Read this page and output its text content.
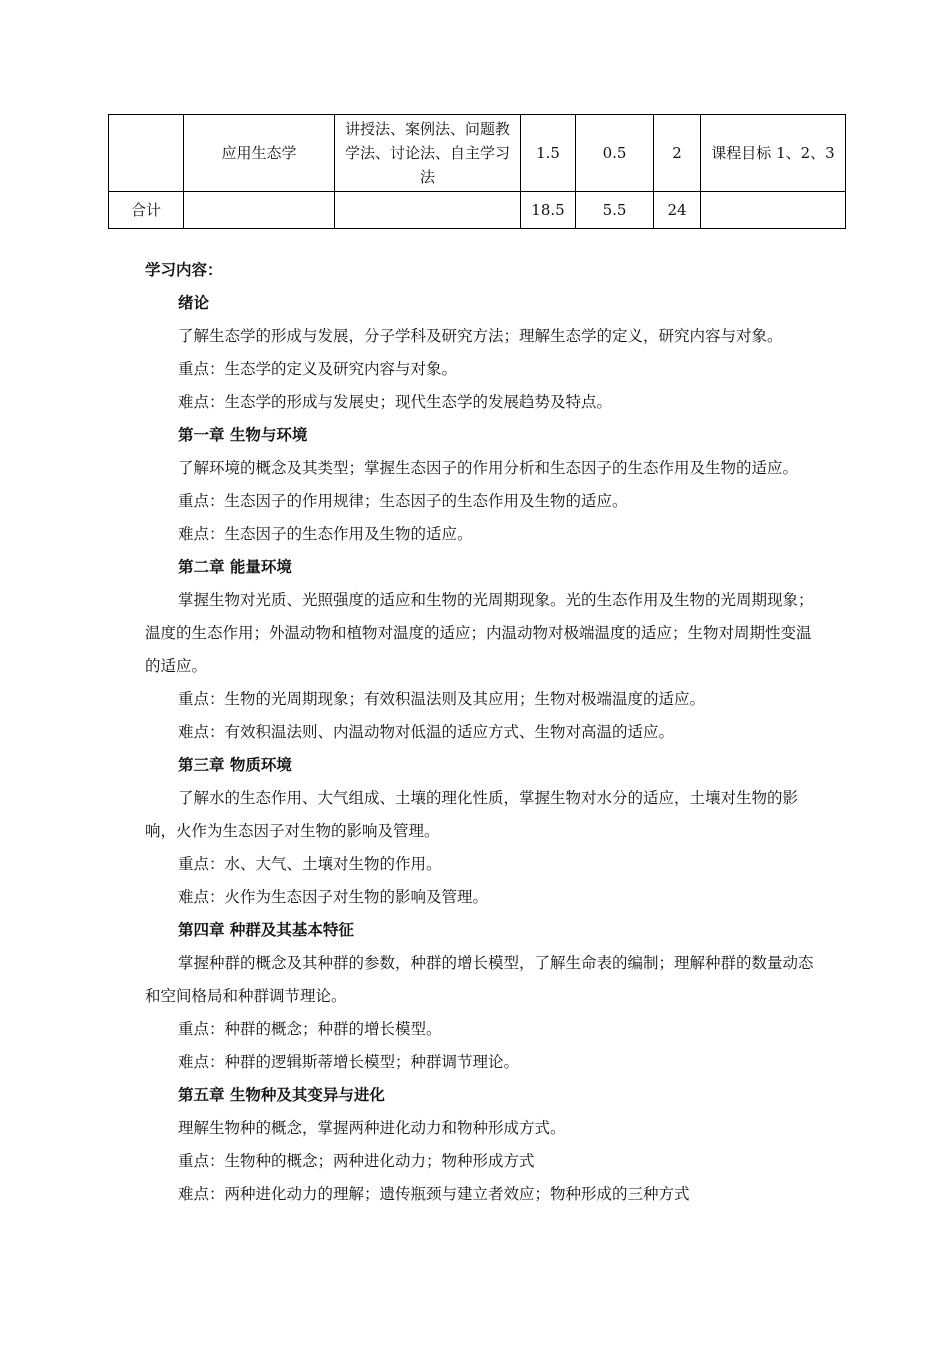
	应用生态学	讲授法、案例法、问题教学法、讨论法、自主学习法	1.5	0.5	2	课程目标 1、2、3
合计			18.5	5.5	24	
学习内容：
绪论

了解生态学的形成与发展，分子学科及研究方法；理解生态学的定义，研究内容与对象。

重点：生态学的定义及研究内容与对象。

难点：生态学的形成与发展史；现代生态学的发展趋势及特点。

第一章 生物与环境

了解环境的概念及其类型；掌握生态因子的作用分析和生态因子的生态作用及生物的适应。

重点：生态因子的作用规律；生态因子的生态作用及生物的适应。

难点：生态因子的生态作用及生物的适应。

第二章 能量环境

掌握生物对光质、光照强度的适应和生物的光周期现象。光的生态作用及生物的光周期现象；温度的生态作用；外温动物和植物对温度的适应；内温动物对极端温度的适应；生物对周期性变温的适应。

重点：生物的光周期现象；有效积温法则及其应用；生物对极端温度的适应。

难点：有效积温法则、内温动物对低温的适应方式、生物对高温的适应。

第三章 物质环境

了解水的生态作用、大气组成、土壤的理化性质，掌握生物对水分的适应，土壤对生物的影响，火作为生态因子对生物的影响及管理。

重点：水、大气、土壤对生物的作用。

难点：火作为生态因子对生物的影响及管理。

第四章 种群及其基本特征

掌握种群的概念及其种群的参数，种群的增长模型，了解生命表的编制；理解种群的数量动态和空间格局和种群调节理论。

重点：种群的概念；种群的增长模型。

难点：种群的逻辑斯蒂增长模型；种群调节理论。

第五章 生物种及其变异与进化

理解生物种的概念，掌握两种进化动力和物种形成方式。

重点：生物种的概念；两种进化动力；物种形成方式

难点：两种进化动力的理解；遗传瓶颈与建立者效应；物种形成的三种方式
